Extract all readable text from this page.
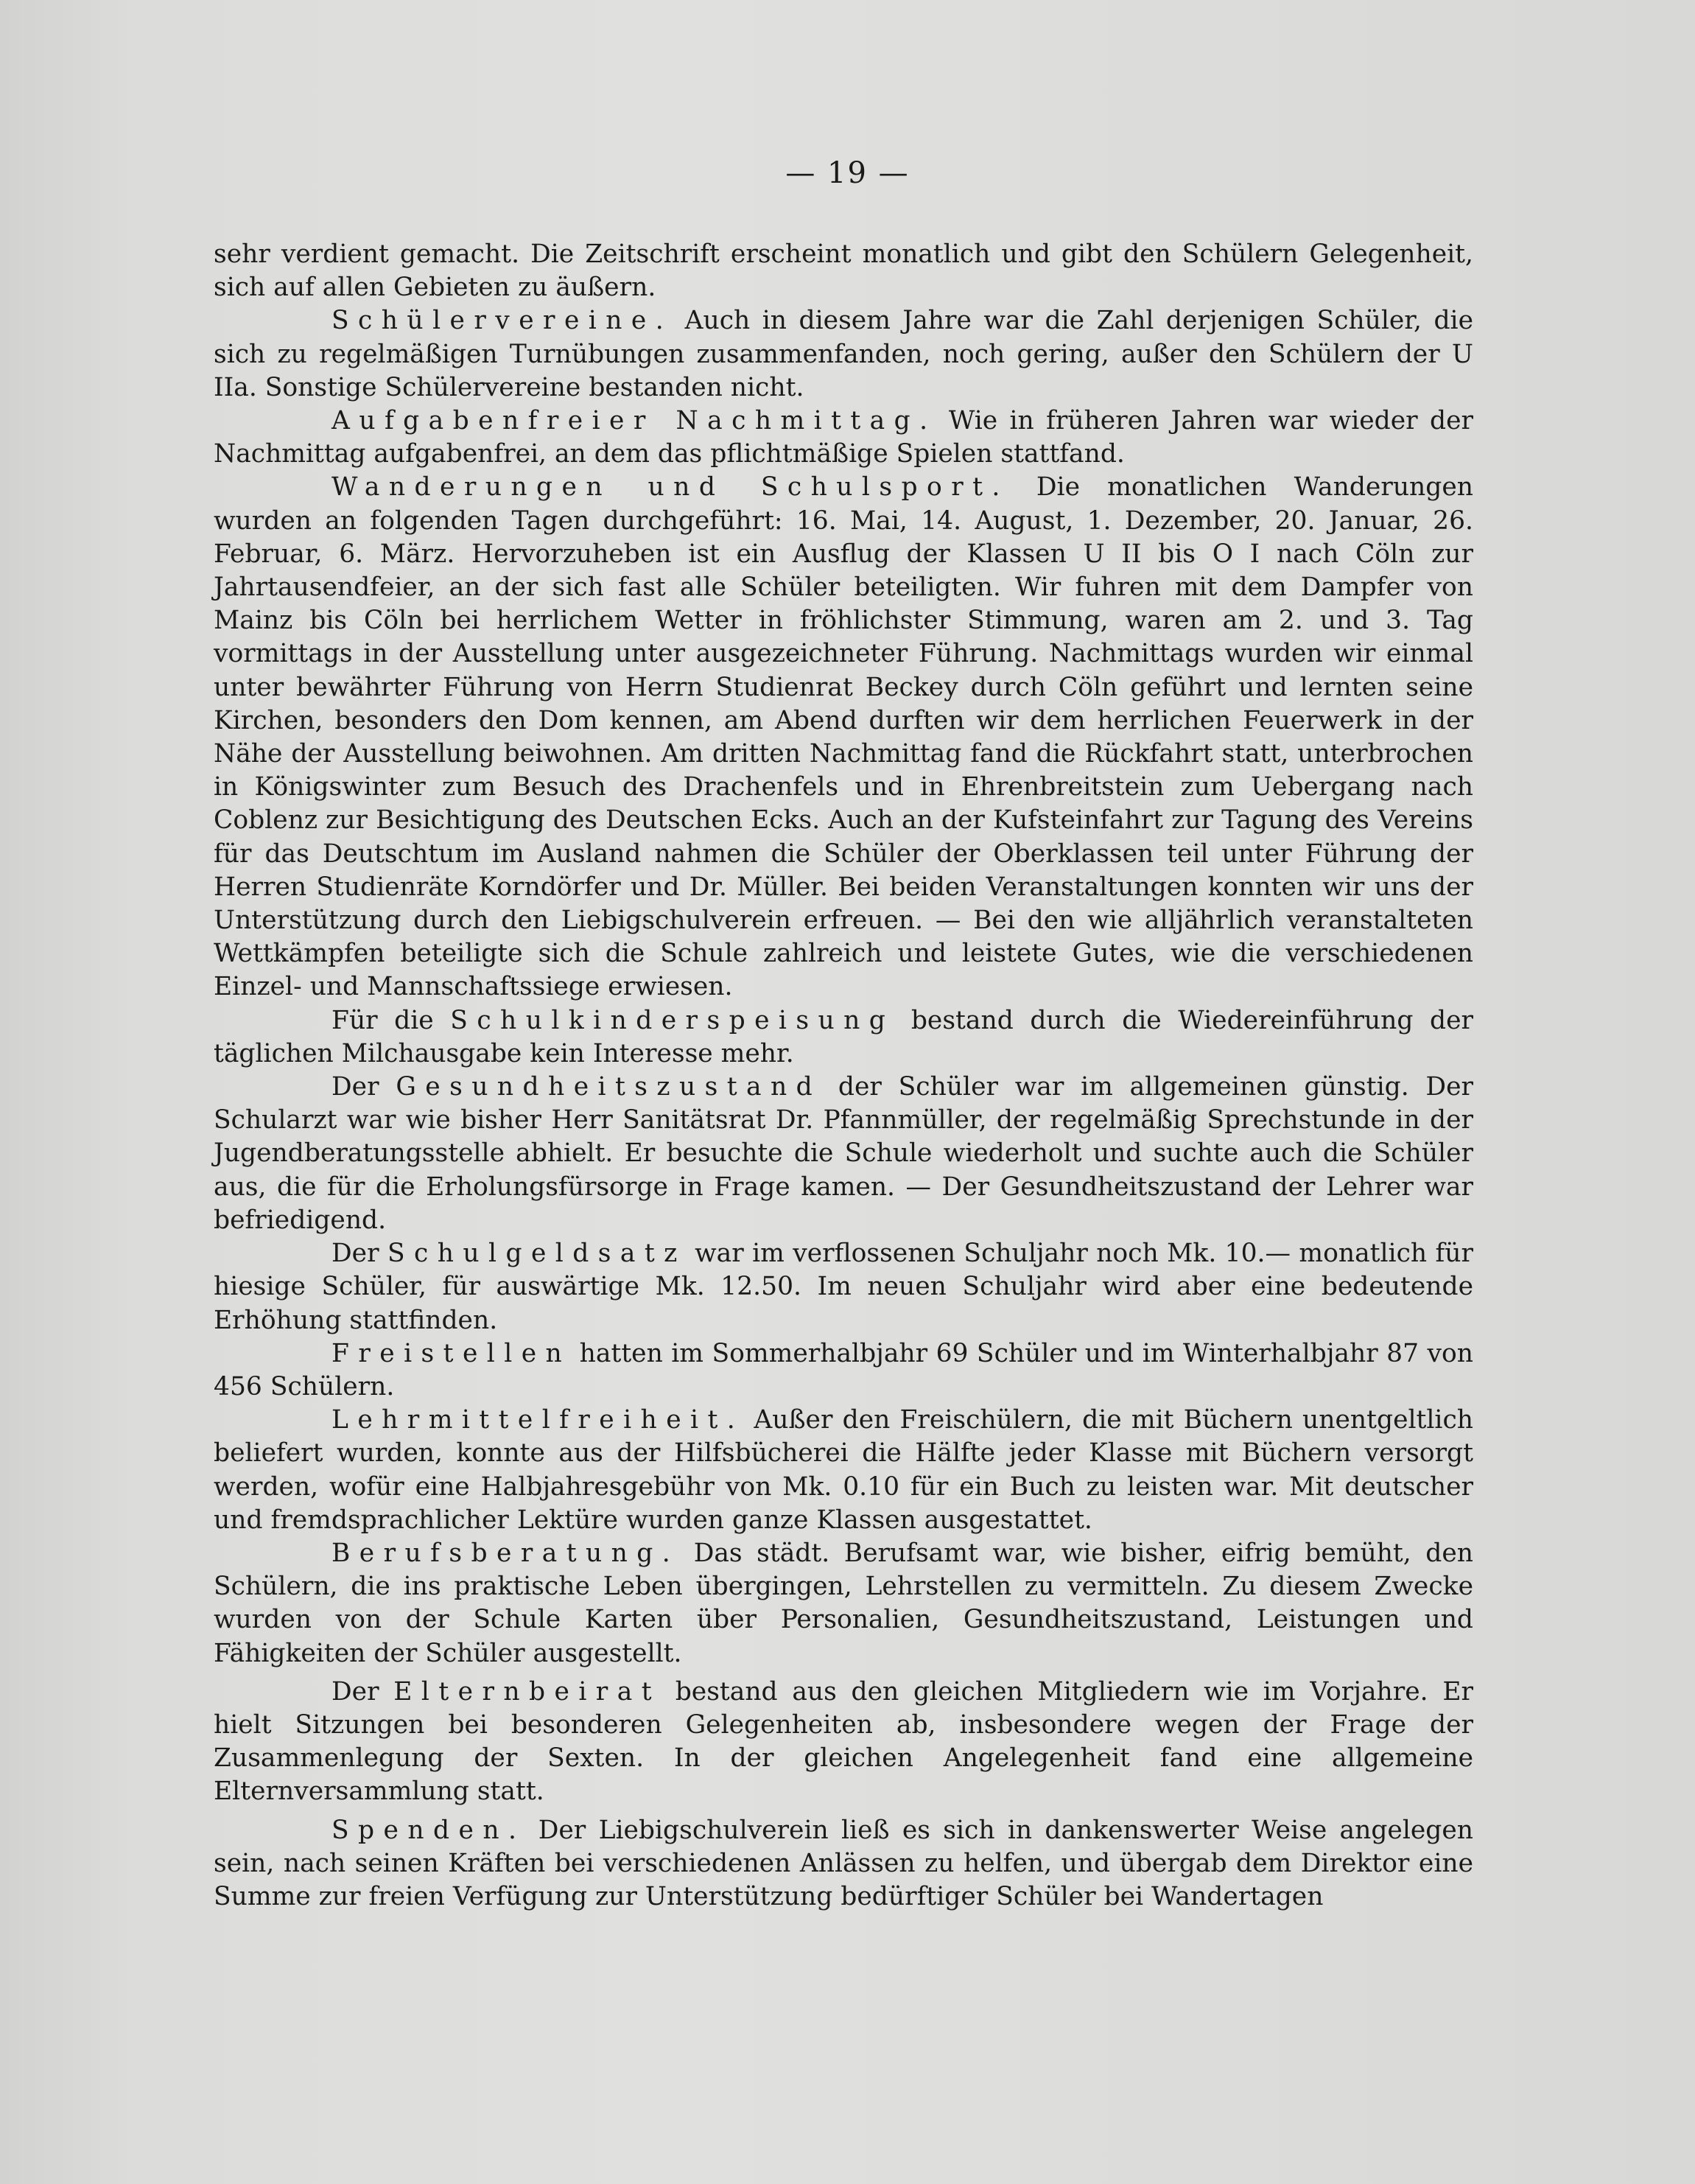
— 19 —

sehr verdient gemacht. Die Zeitschrift erscheint monatlich und gibt den Schülern Gelegenheit, sich auf allen Gebieten zu äußern.

Schülervereine. Auch in diesem Jahre war die Zahl derjenigen Schüler, die sich zu regelmäßigen Turnübungen zusammenfanden, noch gering, außer den Schülern der U IIa. Sonstige Schülervereine bestanden nicht.

Aufgabenfreier Nachmittag. Wie in früheren Jahren war wieder der Nachmittag aufgabenfrei, an dem das pflichtmäßige Spielen stattfand.

Wanderungen und Schulsport. Die monatlichen Wanderungen wurden an folgenden Tagen durchgeführt: 16. Mai, 14. August, 1. Dezember, 20. Januar, 26. Februar, 6. März. Hervorzuheben ist ein Ausflug der Klassen U II bis O I nach Cöln zur Jahrtausendfeier, an der sich fast alle Schüler beteiligten. Wir fuhren mit dem Dampfer von Mainz bis Cöln bei herrlichem Wetter in fröhlichster Stimmung, waren am 2. und 3. Tag vormittags in der Ausstellung unter ausgezeichneter Führung. Nachmittags wurden wir einmal unter bewährter Führung von Herrn Studienrat Beckey durch Cöln geführt und lernten seine Kirchen, besonders den Dom kennen, am Abend durften wir dem herrlichen Feuerwerk in der Nähe der Ausstellung beiwohnen. Am dritten Nachmittag fand die Rückfahrt statt, unterbrochen in Königswinter zum Besuch des Drachenfels und in Ehrenbreitstein zum Uebergang nach Coblenz zur Besichtigung des Deutschen Ecks. Auch an der Kufsteinfahrt zur Tagung des Vereins für das Deutschtum im Ausland nahmen die Schüler der Oberklassen teil unter Führung der Herren Studienräte Korndörfer und Dr. Müller. Bei beiden Veranstaltungen konnten wir uns der Unterstützung durch den Liebigschulverein erfreuen. — Bei den wie alljährlich veranstalteten Wettkämpfen beteiligte sich die Schule zahlreich und leistete Gutes, wie die verschiedenen Einzel- und Mannschaftssiege erwiesen.

Für die Schulkinderspeisung bestand durch die Wiedereinführung der täglichen Milchausgabe kein Interesse mehr.

Der Gesundheitszustand der Schüler war im allgemeinen günstig. Der Schularzt war wie bisher Herr Sanitätsrat Dr. Pfannmüller, der regelmäßig Sprechstunde in der Jugendberatungsstelle abhielt. Er besuchte die Schule wiederholt und suchte auch die Schüler aus, die für die Erholungsfürsorge in Frage kamen. — Der Gesundheitszustand der Lehrer war befriedigend.

Der Schulgeldsatz war im verflossenen Schuljahr noch Mk. 10.— monatlich für hiesige Schüler, für auswärtige Mk. 12.50. Im neuen Schuljahr wird aber eine bedeutende Erhöhung stattfinden.

Freistellen hatten im Sommerhalbjahr 69 Schüler und im Winterhalbjahr 87 von 456 Schülern.

Lehrmittelfreiheit. Außer den Freischülern, die mit Büchern unentgeltlich beliefert wurden, konnte aus der Hilfsbücherei die Hälfte jeder Klasse mit Büchern versorgt werden, wofür eine Halbjahresgebühr von Mk. 0.10 für ein Buch zu leisten war. Mit deutscher und fremdsprachlicher Lektüre wurden ganze Klassen ausgestattet.

Berufsberatung. Das städt. Berufsamt war, wie bisher, eifrig bemüht, den Schülern, die ins praktische Leben übergingen, Lehrstellen zu vermitteln. Zu diesem Zwecke wurden von der Schule Karten über Personalien, Gesundheitszustand, Leistungen und Fähigkeiten der Schüler ausgestellt.

Der Elternbeirat bestand aus den gleichen Mitgliedern wie im Vorjahre. Er hielt Sitzungen bei besonderen Gelegenheiten ab, insbesondere wegen der Frage der Zusammenlegung der Sexten. In der gleichen Angelegenheit fand eine allgemeine Elternversammlung statt.

Spenden. Der Liebigschulverein ließ es sich in dankenswerter Weise angelegen sein, nach seinen Kräften bei verschiedenen Anlässen zu helfen, und übergab dem Direktor eine Summe zur freien Verfügung zur Unterstützung bedürftiger Schüler bei Wandertagen
